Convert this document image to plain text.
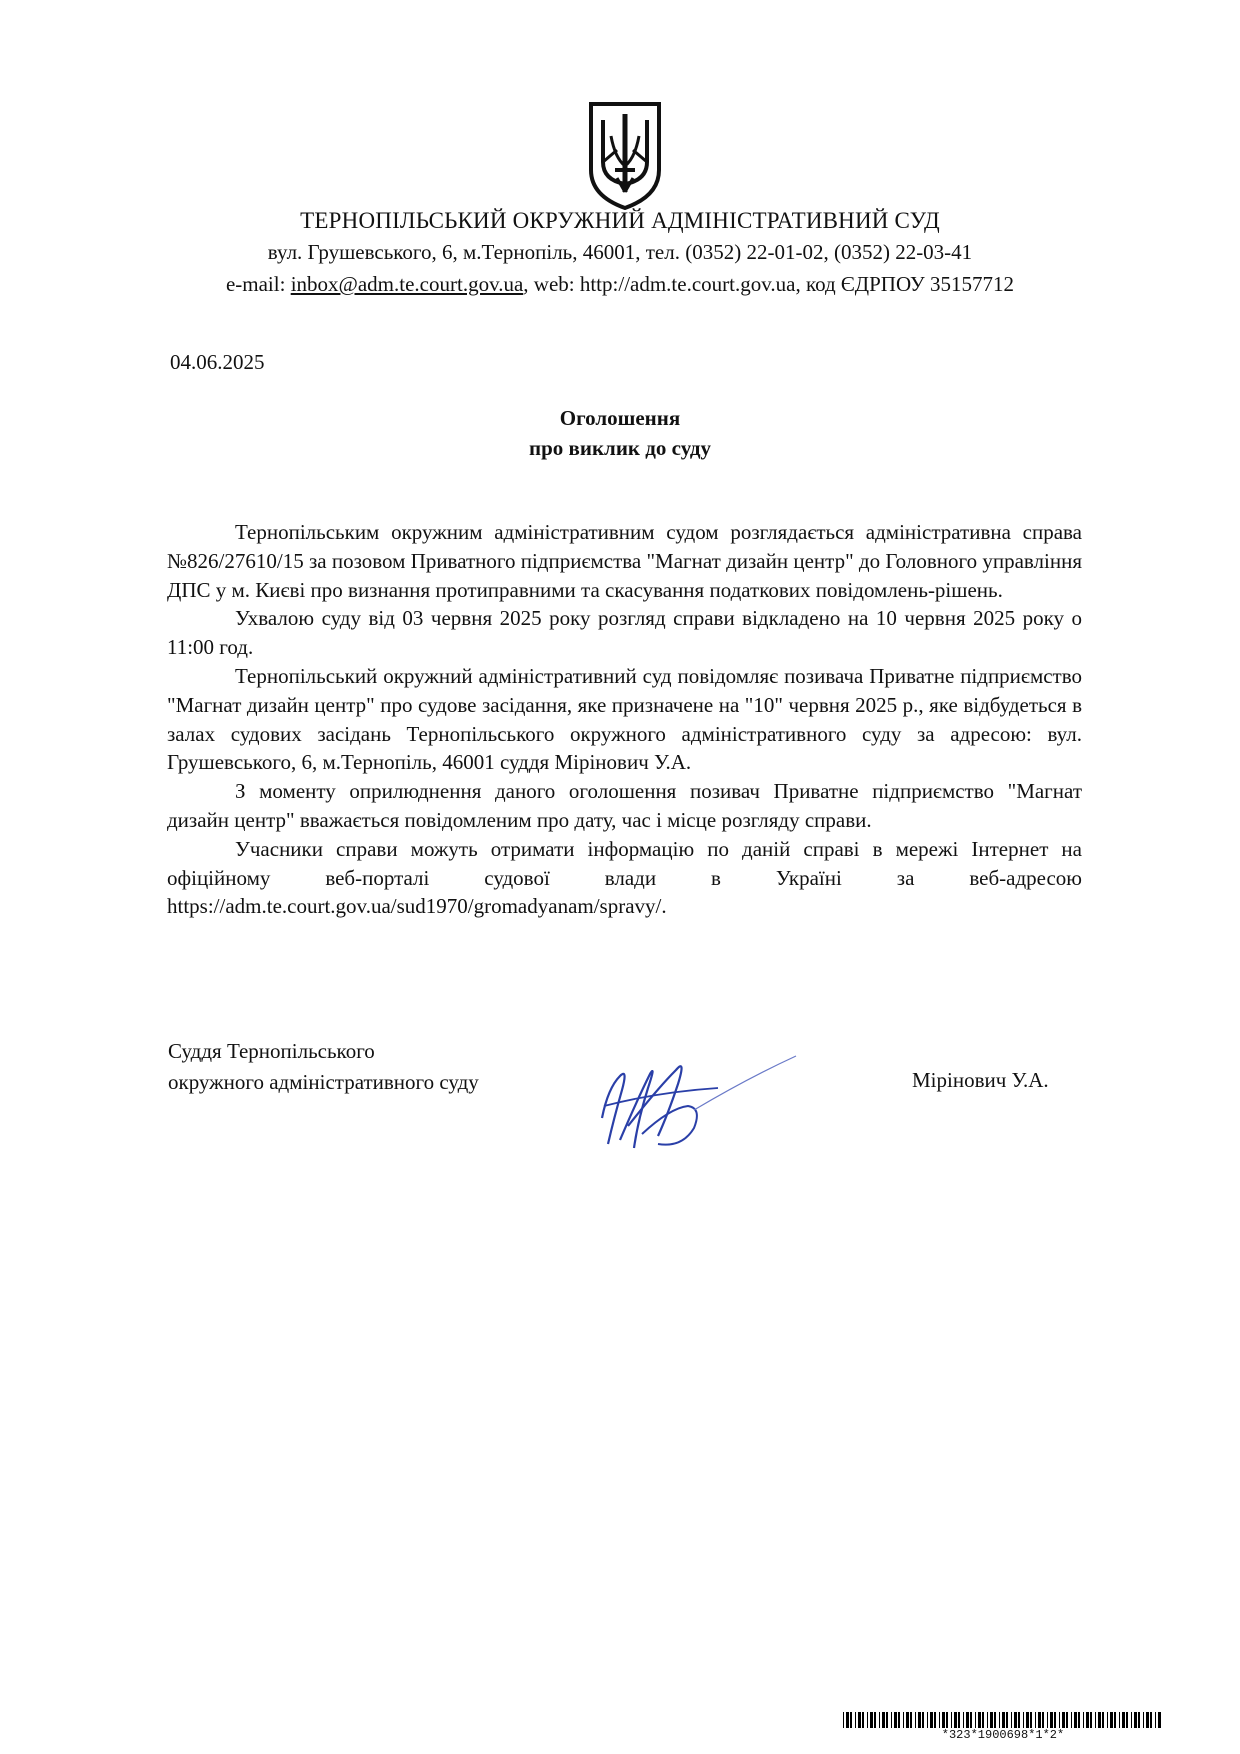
ТЕРНОПІЛЬСЬКИЙ ОКРУЖНИЙ АДМІНІСТРАТИВНИЙ СУД
вул. Грушевського, 6, м.Тернопіль, 46001, тел. (0352) 22-01-02, (0352) 22-03-41
e-mail: inbox@adm.te.court.gov.ua, web: http://adm.te.court.gov.ua, код ЄДРПОУ 35157712
04.06.2025
Оголошення
про виклик до суду

Тернопільським окружним адміністративним судом розглядається адміністративна справа №826/27610/15 за позовом Приватного підприємства "Магнат дизайн центр" до Головного управління ДПС у м. Києві про визнання протиправними та скасування податкових повідомлень-рішень.

Ухвалою суду від 03 червня 2025 року розгляд справи відкладено на 10 червня 2025 року о 11:00 год.

Тернопільський окружний адміністративний суд повідомляє позивача Приватне підприємство "Магнат дизайн центр" про судове засідання, яке призначене на "10" червня 2025 р., яке відбудеться в залах судових засідань Тернопільського окружного адміністративного суду за адресою: вул. Грушевського, 6, м.Тернопіль, 46001 суддя Мірінович У.А.

З моменту оприлюднення даного оголошення позивач Приватне підприємство "Магнат дизайн центр" вважається повідомленим про дату, час і місце розгляду справи.

Учасники справи можуть отримати інформацію по даній справі в мережі Інтернет на офіційному веб-порталі судової влади в Україні за веб-адресою https://adm.te.court.gov.ua/sud1970/gromadyanam/spravy/.

Суддя Тернопільського
окружного адміністративного суду	Мірінович У.А.
*323*1900698*1*2*
